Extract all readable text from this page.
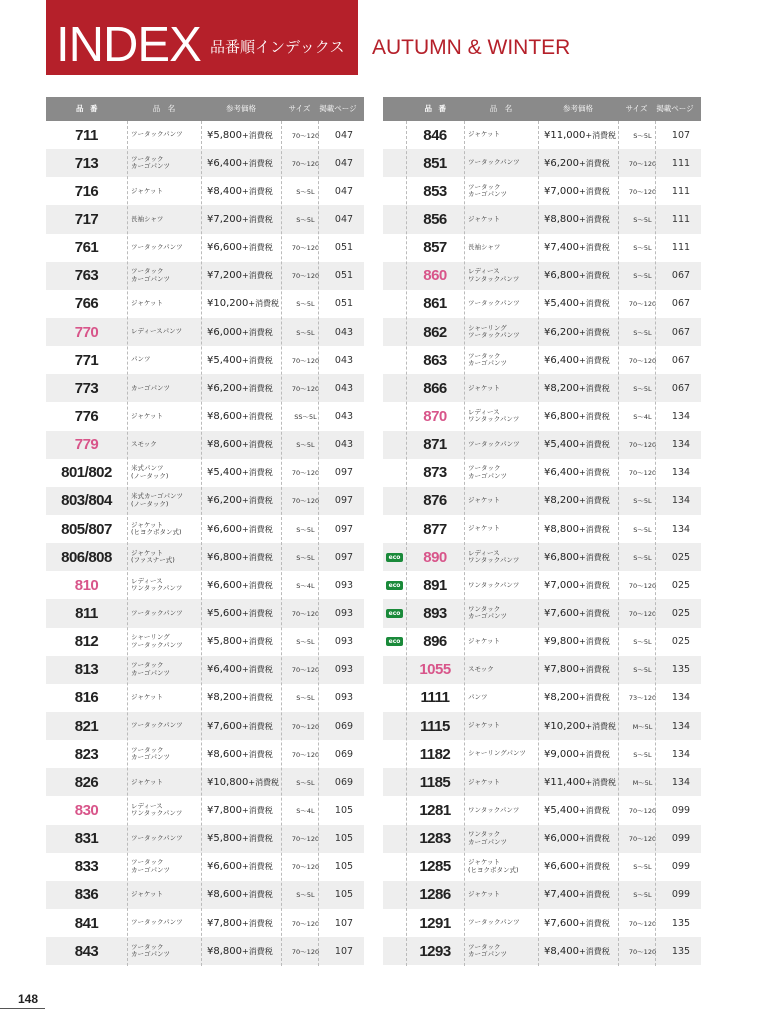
INDEX 品番順インデックス AUTUMN & WINTER
品　番	品　名	参考価格	サイズ	掲載ページ
711	ツータックパンツ	¥5,800+消費税	70〜120	047
713	ツータック
カーゴパンツ	¥6,400+消費税	70〜120	047
716	ジャケット	¥8,400+消費税	S〜5L	047
717	長袖シャツ	¥7,200+消費税	S〜5L	047
761	ツータックパンツ	¥6,600+消費税	70〜120	051
763	ツータック
カーゴパンツ	¥7,200+消費税	70〜120	051
766	ジャケット	¥10,200+消費税	S〜5L	051
770	レディースパンツ	¥6,000+消費税	S〜5L	043
771	パンツ	¥5,400+消費税	70〜120	043
773	カーゴパンツ	¥6,200+消費税	70〜120	043
776	ジャケット	¥8,600+消費税	SS〜5L	043
779	スモック	¥8,600+消費税	S〜5L	043
801/802	米式パンツ
(ノータック)	¥5,400+消費税	70〜120	097
803/804	米式カーゴパンツ
(ノータック)	¥6,200+消費税	70〜120	097
805/807	ジャケット
(ヒヨクボタン式)	¥6,600+消費税	S〜5L	097
806/808	ジャケット
(ファスナー式)	¥6,800+消費税	S〜5L	097
810	レディース
ワンタックパンツ	¥6,600+消費税	S〜4L	093
811	ツータックパンツ	¥5,600+消費税	70〜120	093
812	シャーリング
ツータックパンツ	¥5,800+消費税	S〜5L	093
813	ツータック
カーゴパンツ	¥6,400+消費税	70〜120	093
816	ジャケット	¥8,200+消費税	S〜5L	093
821	ツータックパンツ	¥7,600+消費税	70〜120	069
823	ツータック
カーゴパンツ	¥8,600+消費税	70〜120	069
826	ジャケット	¥10,800+消費税	S〜5L	069
830	レディース
ワンタックパンツ	¥7,800+消費税	S〜4L	105
831	ツータックパンツ	¥5,800+消費税	70〜120	105
833	ツータック
カーゴパンツ	¥6,600+消費税	70〜120	105
836	ジャケット	¥8,600+消費税	S〜5L	105
841	ツータックパンツ	¥7,800+消費税	70〜120	107
843	ツータック
カーゴパンツ	¥8,800+消費税	70〜120	107
品　番	品　名	参考価格	サイズ	掲載ページ
846	ジャケット	¥11,000+消費税	S〜5L	107
851	ツータックパンツ	¥6,200+消費税	70〜120	111
853	ツータック
カーゴパンツ	¥7,000+消費税	70〜120	111
856	ジャケット	¥8,800+消費税	S〜5L	111
857	長袖シャツ	¥7,400+消費税	S〜5L	111
860	レディース
ワンタックパンツ	¥6,800+消費税	S〜5L	067
861	ツータックパンツ	¥5,400+消費税	70〜120	067
862	シャーリング
ツータックパンツ	¥6,200+消費税	S〜5L	067
863	ツータック
カーゴパンツ	¥6,400+消費税	70〜120	067
866	ジャケット	¥8,200+消費税	S〜5L	067
870	レディース
ワンタックパンツ	¥6,800+消費税	S〜4L	134
871	ツータックパンツ	¥5,400+消費税	70〜120	134
873	ツータック
カーゴパンツ	¥6,400+消費税	70〜120	134
876	ジャケット	¥8,200+消費税	S〜5L	134
877	ジャケット	¥8,800+消費税	S〜5L	134
eco	890	レディース
ワンタックパンツ	¥6,800+消費税	S〜5L	025
eco	891	ワンタックパンツ	¥7,000+消費税	70〜120	025
eco	893	ワンタック
カーゴパンツ	¥7,600+消費税	70〜120	025
eco	896	ジャケット	¥9,800+消費税	S〜5L	025
1055	スモック	¥7,800+消費税	S〜5L	135
1111	パンツ	¥8,200+消費税	73〜120	134
1115	ジャケット	¥10,200+消費税	M〜5L	134
1182	シャーリングパンツ	¥9,000+消費税	S〜5L	134
1185	ジャケット	¥11,400+消費税	M〜5L	134
1281	ワンタックパンツ	¥5,400+消費税	70〜120	099
1283	ワンタック
カーゴパンツ	¥6,000+消費税	70〜120	099
1285	ジャケット
(ヒヨクボタン式)	¥6,600+消費税	S〜5L	099
1286	ジャケット	¥7,400+消費税	S〜5L	099
1291	ツータックパンツ	¥7,600+消費税	70〜120	135
1293	ツータック
カーゴパンツ	¥8,400+消費税	70〜120	135
148
